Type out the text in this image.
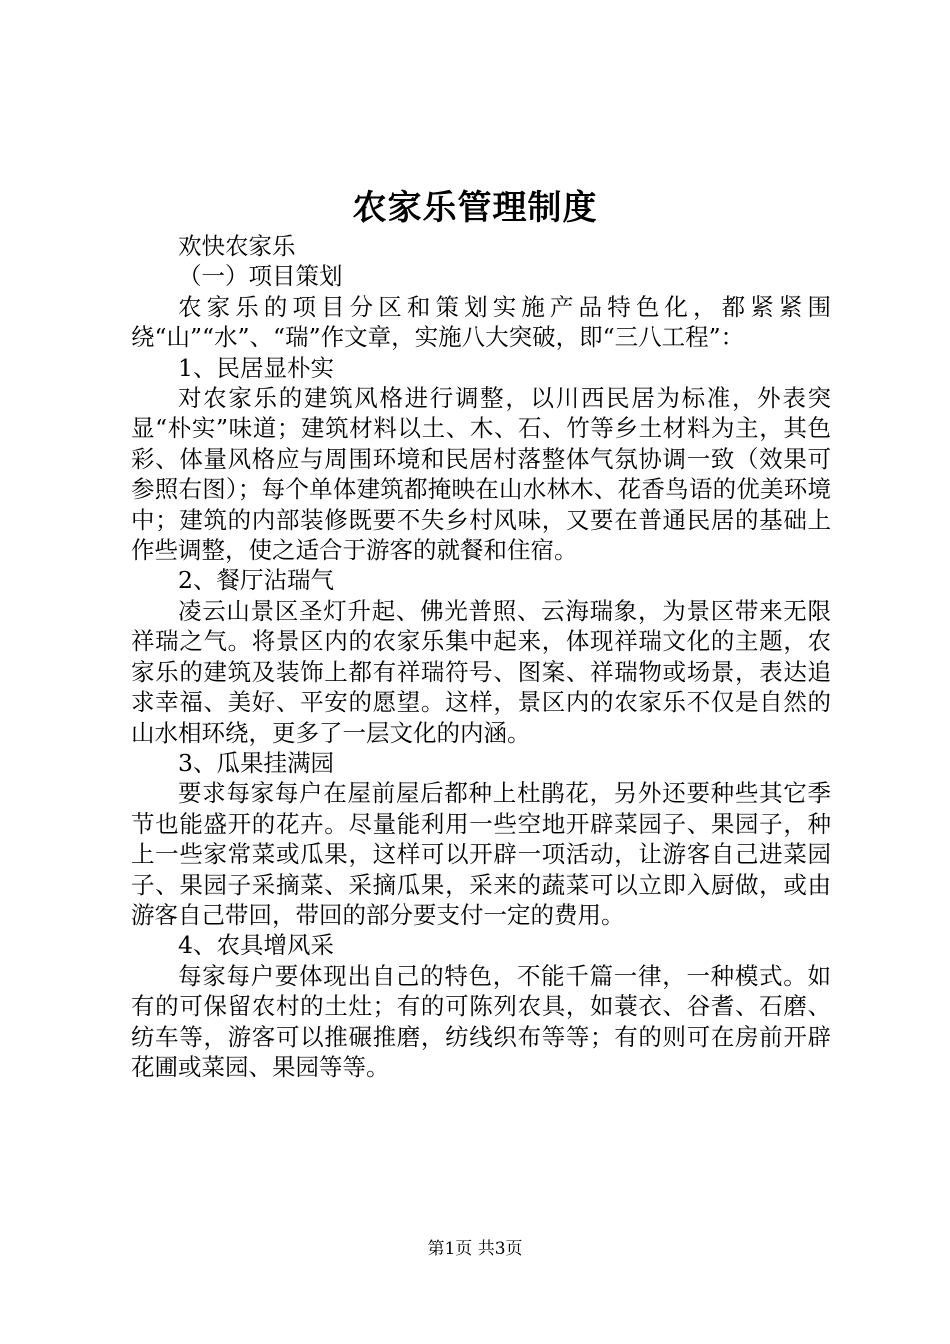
农家乐管理制度

欢快农家乐

（一）项目策划

农家乐的项目分区和策划实施产品特色化，都紧紧围绕“山”“水”、“瑞”作文章，实施八大突破，即“三八工程”：

1、民居显朴实

对农家乐的建筑风格进行调整，以川西民居为标准，外表突显“朴实”味道；建筑材料以土、木、石、竹等乡土材料为主，其色彩、体量风格应与周围环境和民居村落整体气氛协调一致（效果可参照右图）；每个单体建筑都掩映在山水林木、花香鸟语的优美环境中；建筑的内部装修既要不失乡村风味，又要在普通民居的基础上作些调整，使之适合于游客的就餐和住宿。

2、餐厅沾瑞气

凌云山景区圣灯升起、佛光普照、云海瑞象，为景区带来无限祥瑞之气。将景区内的农家乐集中起来，体现祥瑞文化的主题，农家乐的建筑及装饰上都有祥瑞符号、图案、祥瑞物或场景，表达追求幸福、美好、平安的愿望。这样，景区内的农家乐不仅是自然的山水相环绕，更多了一层文化的内涵。

3、瓜果挂满园

要求每家每户在屋前屋后都种上杜鹃花，另外还要种些其它季节也能盛开的花卉。尽量能利用一些空地开辟菜园子、果园子，种上一些家常菜或瓜果，这样可以开辟一项活动，让游客自己进菜园子、果园子采摘菜、采摘瓜果，采来的蔬菜可以立即入厨做，或由游客自己带回，带回的部分要支付一定的费用。

4、农具增风采

每家每户要体现出自己的特色，不能千篇一律，一种模式。如有的可保留农村的土灶；有的可陈列农具，如蓑衣、谷耆、石磨、纺车等，游客可以推碾推磨，纺线织布等等；有的则可在房前开辟花圃或菜园、果园等等。

第1页 共3页
